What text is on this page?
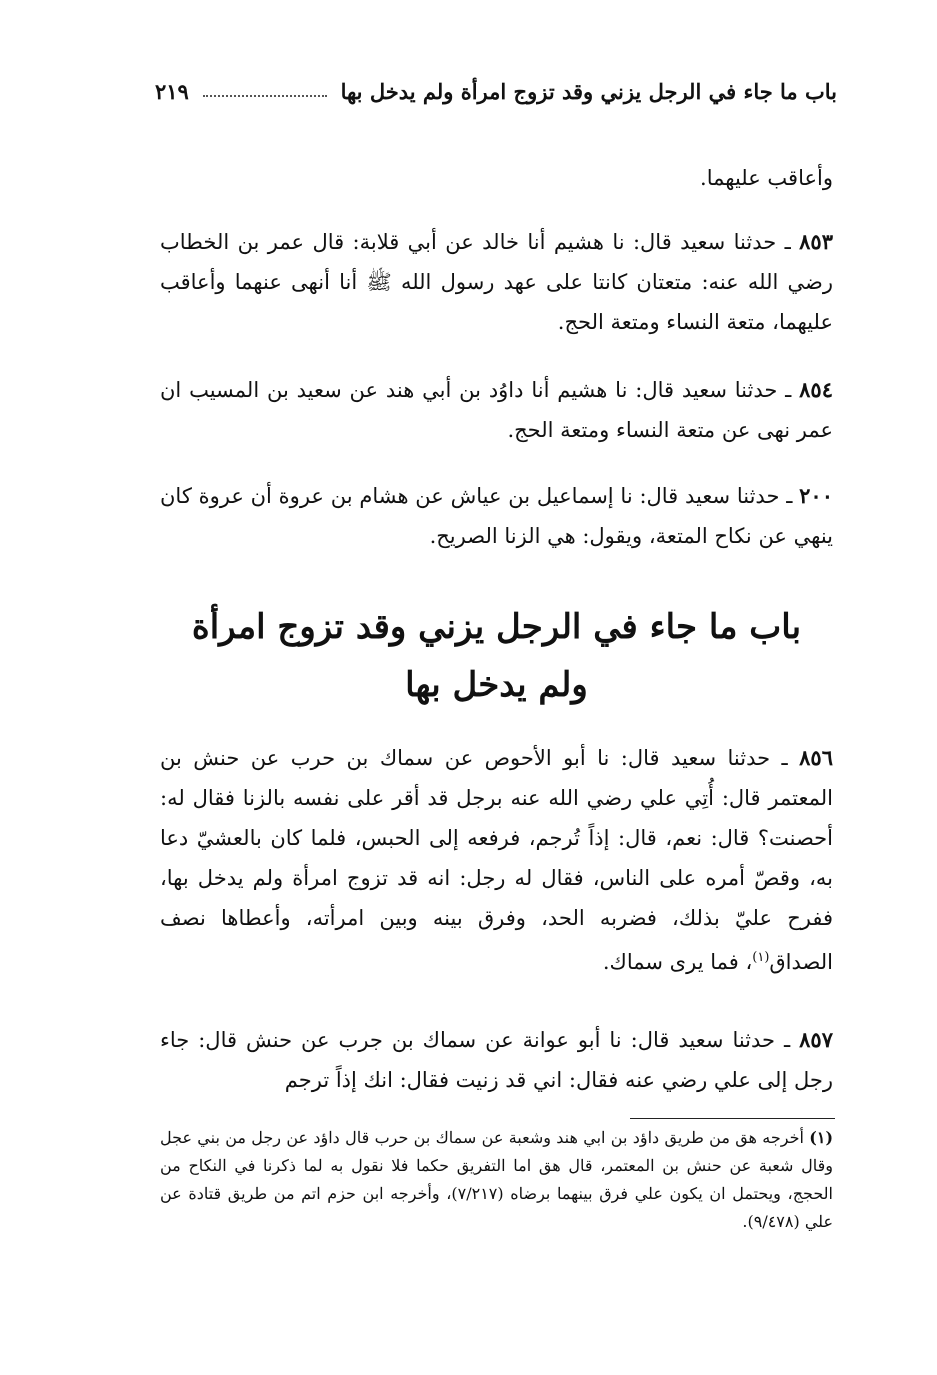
باب ما جاء في الرجل يزني وقد تزوج امرأة ولم يدخل بها
٢١٩

وأعاقب عليهما.

٨٥٣ ـ حدثنا سعيد قال: نا هشيم أنا خالد عن أبي قلابة: قال عمر بن الخطاب رضي الله عنه: متعتان كانتا على عهد رسول الله ﷺ أنا أنهى عنهما وأعاقب عليهما، متعة النساء ومتعة الحج.

٨٥٤ ـ حدثنا سعيد قال: نا هشيم أنا داوُد بن أبي هند عن سعيد بن المسيب ان عمر نهى عن متعة النساء ومتعة الحج.

٢٠٠ ـ حدثنا سعيد قال: نا إسماعيل بن عياش عن هشام بن عروة أن عروة كان ينهي عن نكاح المتعة، ويقول: هي الزنا الصريح.

باب ما جاء في الرجل يزني وقد تزوج امرأة
ولم يدخل بها

٨٥٦ ـ حدثنا سعيد قال: نا أبو الأحوص عن سماك بن حرب عن حنش بن المعتمر قال: أُتِي علي رضي الله عنه برجل قد أقر على نفسه بالزنا فقال له: أحصنت؟ قال: نعم، قال: إذاً تُرجم، فرفعه إلى الحبس، فلما كان بالعشيّ دعا به، وقصّ أمره على الناس، فقال له رجل: انه قد تزوج امرأة ولم يدخل بها، ففرح عليّ بذلك، فضربه الحد، وفرق بينه وبين امرأته، وأعطاها نصف الصداق$^{(١)}$، فما يرى سماك.

٨٥٧ ـ حدثنا سعيد قال: نا أبو عوانة عن سماك بن جرب عن حنش قال: جاء رجل إلى علي رضي عنه فقال: اني قد زنيت فقال: انك إذاً ترجم

(١) أخرجه هق من طريق داؤد بن ابي هند وشعبة عن سماك بن حرب قال داؤد عن رجل من بني عجل وقال شعبة عن حنش بن المعتمر، قال هق اما التفريق حكما فلا نقول به لما ذكرنا في النكاح من الحجج، ويحتمل ان يكون علي فرق بينهما برضاه (٧/٢١٧)، وأخرجه ابن حزم اتم من طريق قتادة عن علي (٩/٤٧٨).
